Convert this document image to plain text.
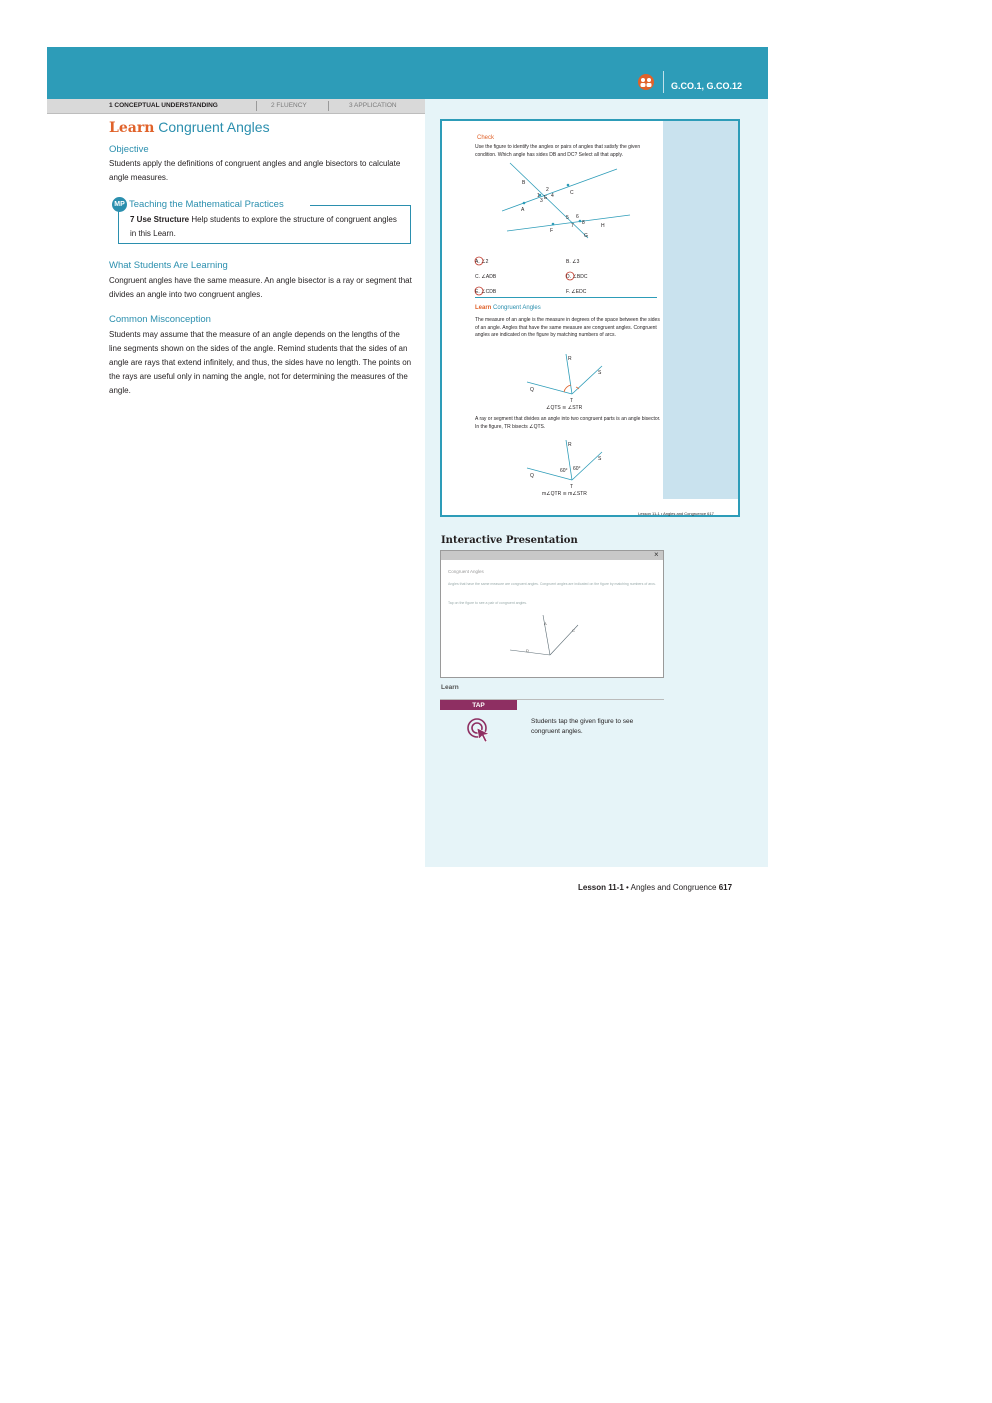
G.CO.1, G.CO.12
1 CONCEPTUAL UNDERSTANDING	2 FLUENCY	3 APPLICATION
Learn Congruent Angles
Objective
Students apply the definitions of congruent angles and angle bisectors to calculate angle measures.
MP Teaching the Mathematical Practices
7 Use Structure Help students to explore the structure of congruent angles in this Learn.
What Students Are Learning
Congruent angles have the same measure. An angle bisector is a ray or segment that divides an angle into two congruent angles.
Common Misconception
Students may assume that the measure of an angle depends on the lengths of the line segments shown on the sides of the angle. Remind students that the sides of an angle are rays that extend infinitely, and thus, the sides have no length. The points on the rays are useful only in naming the angle, not for determining the measures of the angle.
Check
Use the figure to identify the angles or pairs of angles that satisfy the given condition. Which angle has sides DB and DC? Select all that apply.
B
C
A
F
H
G
E
1
2
3
4
5 6
7 8
A. ∠2	B. ∠3
C. ∠ADB	D. ∠BDC
E. ∠CDB	F. ∠EDC
Learn Congruent Angles
The measure of an angle is the measure in degrees of the space between the sides of an angle. Angles that have the same measure are congruent angles. Congruent angles are indicated on the figure by matching numbers of arcs.
R
S
Q
T
∠QTS ≅ ∠STR
A ray or segment that divides an angle into two congruent parts is an angle bisector. In the figure, TR bisects ∠QTS.
R
S
Q
T
60° 60°
m∠QTR ≅ m∠STR
Lesson 11-1 • Angles and Congruence 617
Interactive Presentation
×
Congruent Angles
Angles that have the same measure are congruent angles. Congruent angles are indicated on the figure by matching numbers of arcs.
Tap on the figure to see a pair of congruent angles.
A
C
D
Learn
TAP
Students tap the given figure to see congruent angles.
Lesson 11-1 • Angles and Congruence 617
